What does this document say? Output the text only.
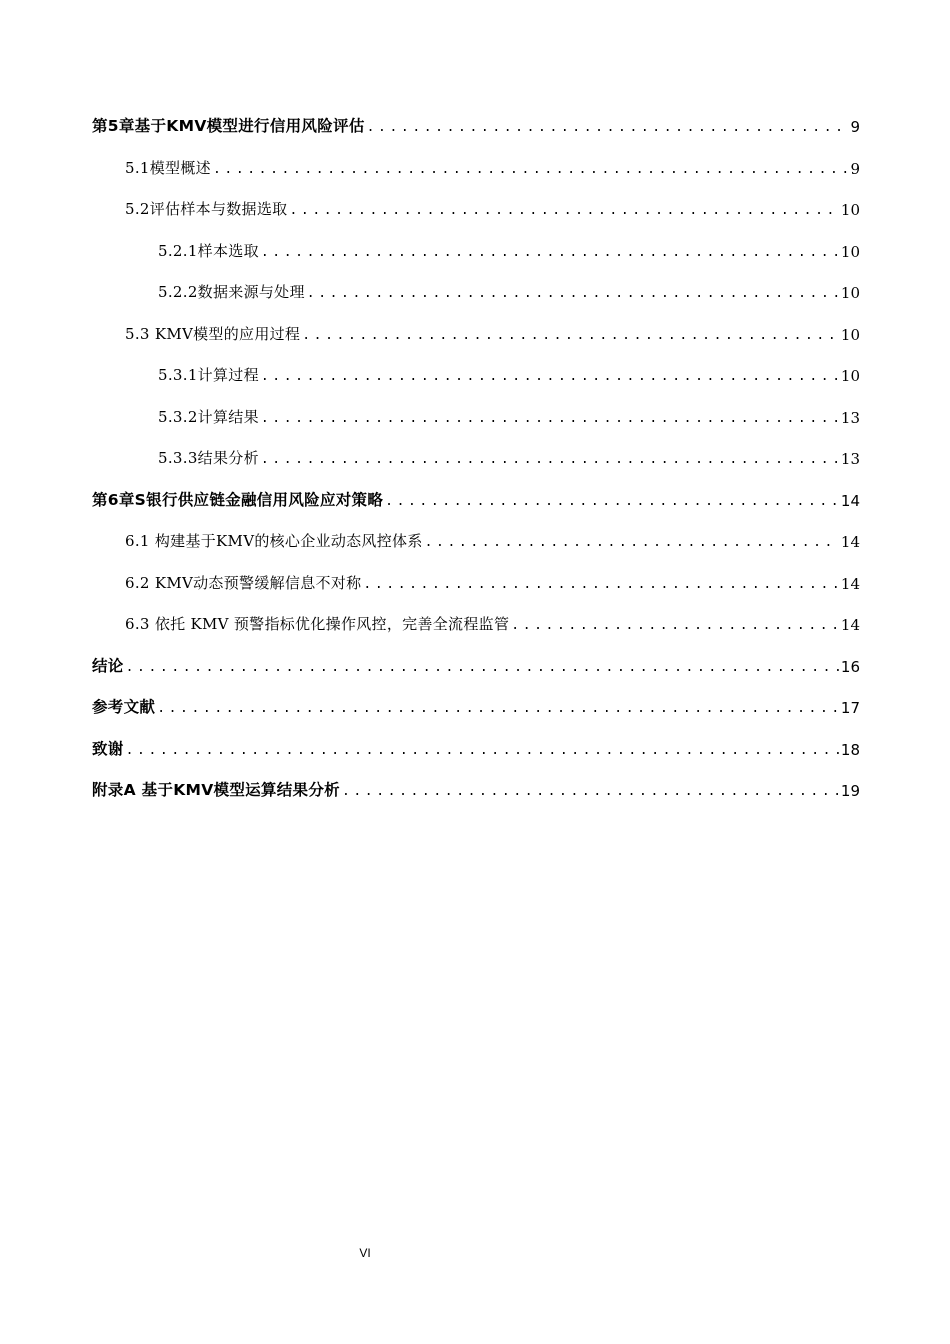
第5章基于KMV模型进行信用风险评估 .....	9
5.1模型概述 .....	9
5.2评估样本与数据选取 .....	10
5.2.1样本选取 .....	10
5.2.2数据来源与处理 .....	10
5.3 KMV模型的应用过程 .....	10
5.3.1计算过程 .....	10
5.3.2计算结果 .....	13
5.3.3结果分析 .....	13
第6章S银行供应链金融信用风险应对策略 .....	14
6.1 构建基于KMV的核心企业动态风控体系 .....	14
6.2 KMV动态预警缓解信息不对称 .....	14
6.3 依托 KMV 预警指标优化操作风控，完善全流程监管 .....	14
结论 .....	16
参考文献 .....	17
致谢 .....	18
附录A 基于KMV模型运算结果分析 .....	19
VI
